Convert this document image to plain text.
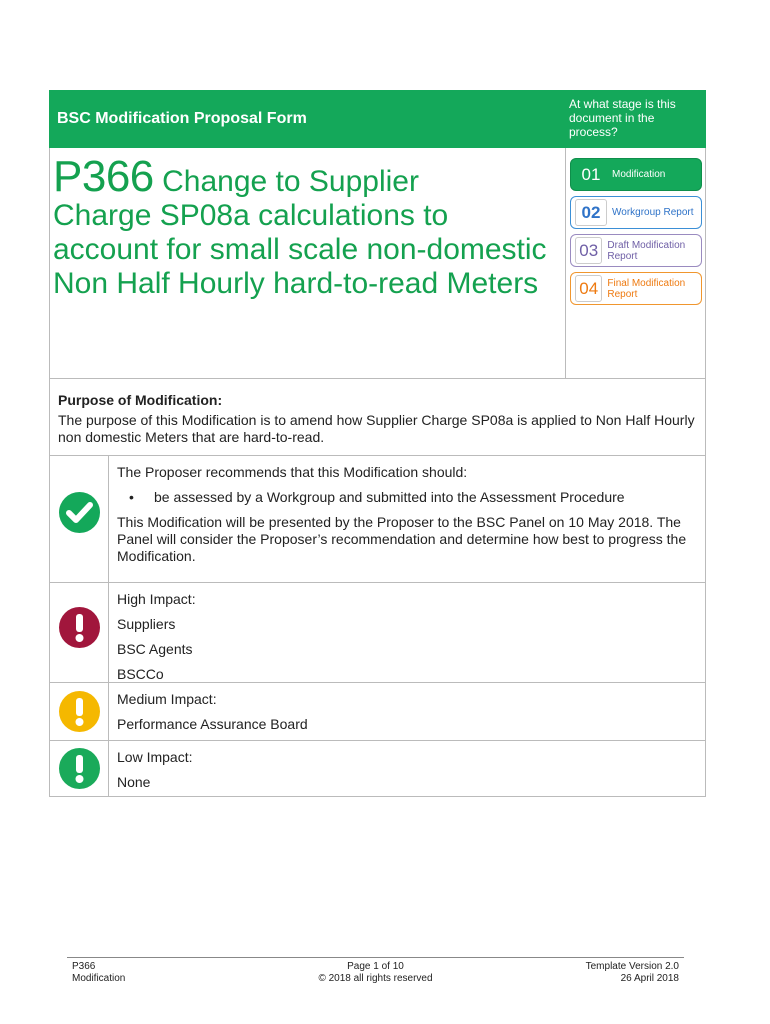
BSC Modification Proposal Form
At what stage is this document in the process?
P366 Change to Supplier
Charge SP08a calculations to account for small scale non-domestic Non Half Hourly hard-to-read Meters
01	Modification
02	Workgroup Report
03 Draft Modification Report
04 Final Modification Report
Purpose of Modification:

The purpose of this Modification is to amend how Supplier Charge SP08a is applied to Non Half Hourly non domestic Meters that are hard-to-read.

The Proposer recommends that this Modification should:
•	be assessed by a Workgroup and submitted into the Assessment Procedure
This Modification will be presented by the Proposer to the BSC Panel on 10 May 2018. The Panel will consider the Proposer’s recommendation and determine how best to progress the Modification.
High Impact:
Suppliers
BSC Agents
BSCCo
Medium Impact:
Performance Assurance Board
Low Impact:
None
P366
Modification
Page 1 of 10
© 2018 all rights reserved
Template Version 2.0
26 April 2018
